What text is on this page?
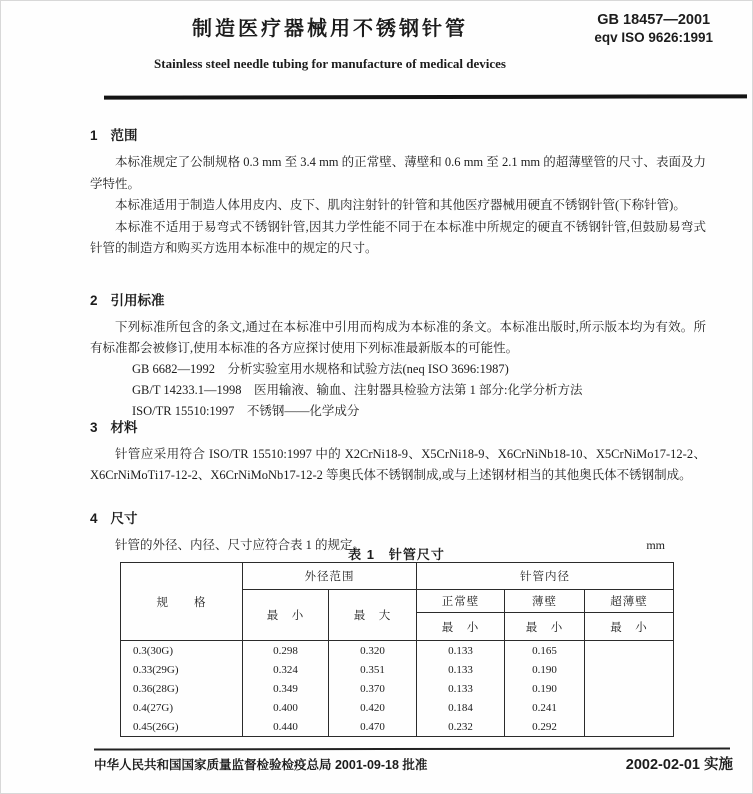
制造医疗器械用不锈钢针管	GB 18457—2001
eqv ISO 9626:1991
Stainless steel needle tubing for manufacture of medical devices
1 范围

本标准规定了公制规格 0.3 mm 至 3.4 mm 的正常壁、薄壁和 0.6 mm 至 2.1 mm 的超薄壁管的尺寸、表面及力学特性。

本标准适用于制造人体用皮内、皮下、肌肉注射针的针管和其他医疗器械用硬直不锈钢针管(下称针管)。

本标准不适用于易弯式不锈钢针管,因其力学性能不同于在本标准中所规定的硬直不锈钢针管,但鼓励易弯式针管的制造方和购买方选用本标准中的规定的尺寸。

2 引用标准

下列标准所包含的条文,通过在本标准中引用而构成为本标准的条文。本标准出版时,所示版本均为有效。所有标准都会被修订,使用本标准的各方应探讨使用下列标准最新版本的可能性。

GB 6682—1992　分析实验室用水规格和试验方法(neq ISO 3696:1987)
GB/T 14233.1—1998　医用输液、输血、注射器具检验方法第 1 部分:化学分析方法
ISO/TR 15510:1997　不锈钢——化学成分
3 材料

针管应采用符合 ISO/TR 15510:1997 中的 X2CrNi18-9、X5CrNi18-9、X6CrNiNb18-10、X5CrNiMo17-12-2、X6CrNiMoTi17-12-2、X6CrNiMoNb17-12-2 等奥氏体不锈钢制成,或与上述钢材相当的其他奥氏体不锈钢制成。

4 尺寸

针管的外径、内径、尺寸应符合表 1 的规定。

表 1　针管尺寸
mm
规　　格	外径范围		针管内径		
	最　小	最　大	正常壁	薄壁	超薄壁
			最　小	最　小	最　小
0.3(30G)	0.298	0.320	0.133	0.165	
0.33(29G)	0.324	0.351	0.133	0.190	
0.36(28G)	0.349	0.370	0.133	0.190	
0.4(27G)	0.400	0.420	0.184	0.241	
0.45(26G)	0.440	0.470	0.232	0.292	
中华人民共和国国家质量监督检验检疫总局 2001-09-18 批准	2002-02-01 实施
